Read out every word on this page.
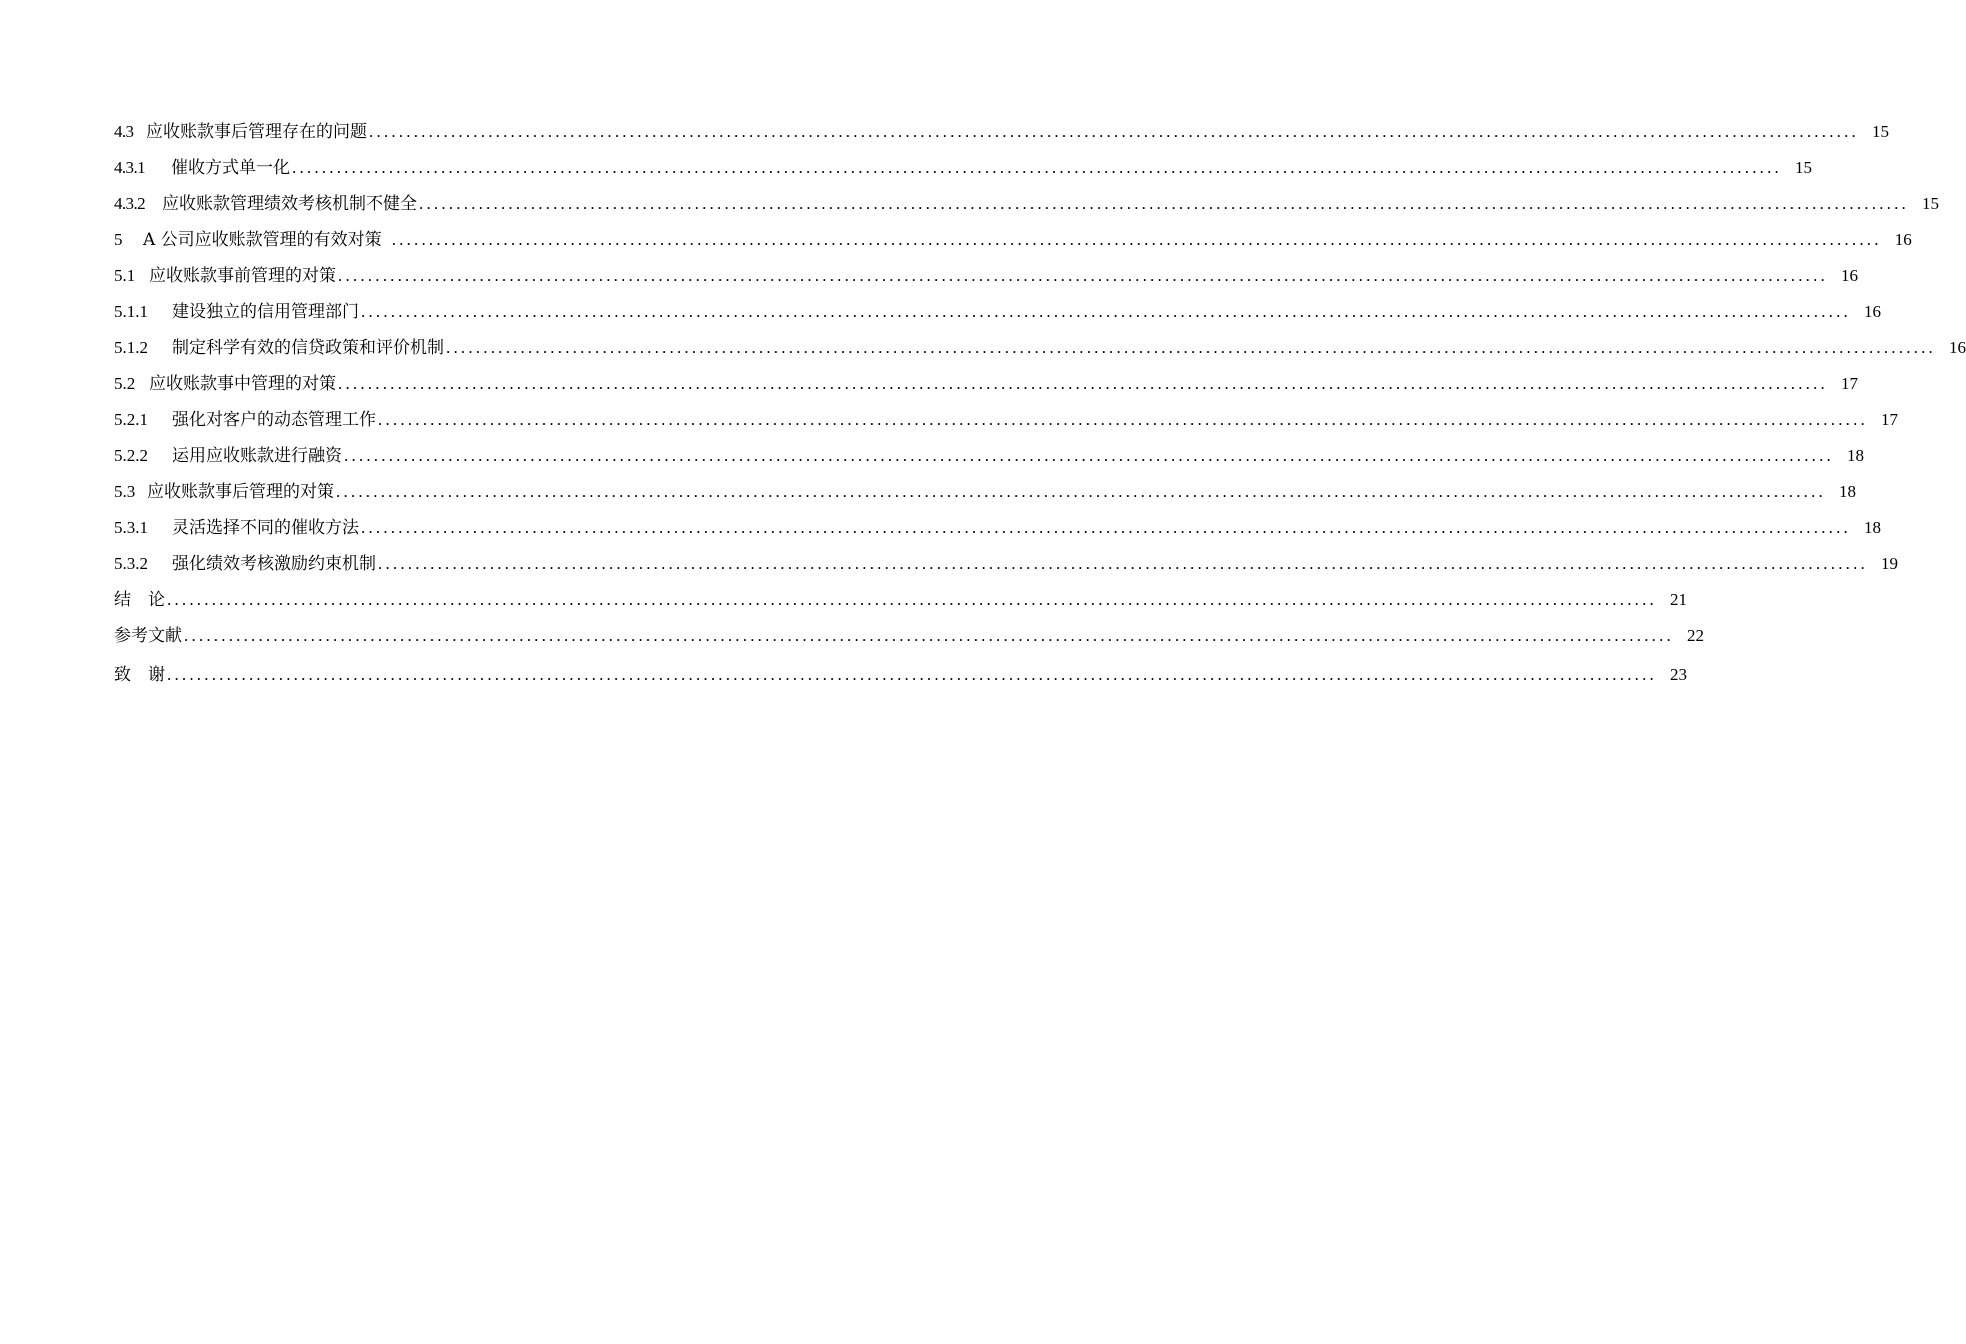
4.3 应收账款事后管理存在的问题 ........................................................................................................................................................................................................ 15
4.3.1	催收方式单一化 ........................................................................................................................................................................................................ 15
4.3.2 应收账款管理绩效考核机制不健全 ........................................................................................................................................................................................................ 15
5	A 公司应收账款管理的有效对策 ........................................................................................................................................................................................................ 16
5.1 应收账款事前管理的对策 ........................................................................................................................................................................................................ 16
5.1.1	建设独立的信用管理部门 ........................................................................................................................................................................................................ 16
5.1.2	制定科学有效的信贷政策和评价机制 ........................................................................................................................................................................................................ 16
5.2 应收账款事中管理的对策 ........................................................................................................................................................................................................ 17
5.2.1	强化对客户的动态管理工作 ........................................................................................................................................................................................................ 17
5.2.2	运用应收账款进行融资 ........................................................................................................................................................................................................ 18
5.3 应收账款事后管理的对策 ........................................................................................................................................................................................................ 18
5.3.1	灵活选择不同的催收方法 ........................................................................................................................................................................................................ 18
5.3.2	强化绩效考核激励约束机制 ........................................................................................................................................................................................................ 19
结　论 ........................................................................................................................................................................................................ 21
参考文献 ........................................................................................................................................................................................................ 22
致　谢 ........................................................................................................................................................................................................ 23
